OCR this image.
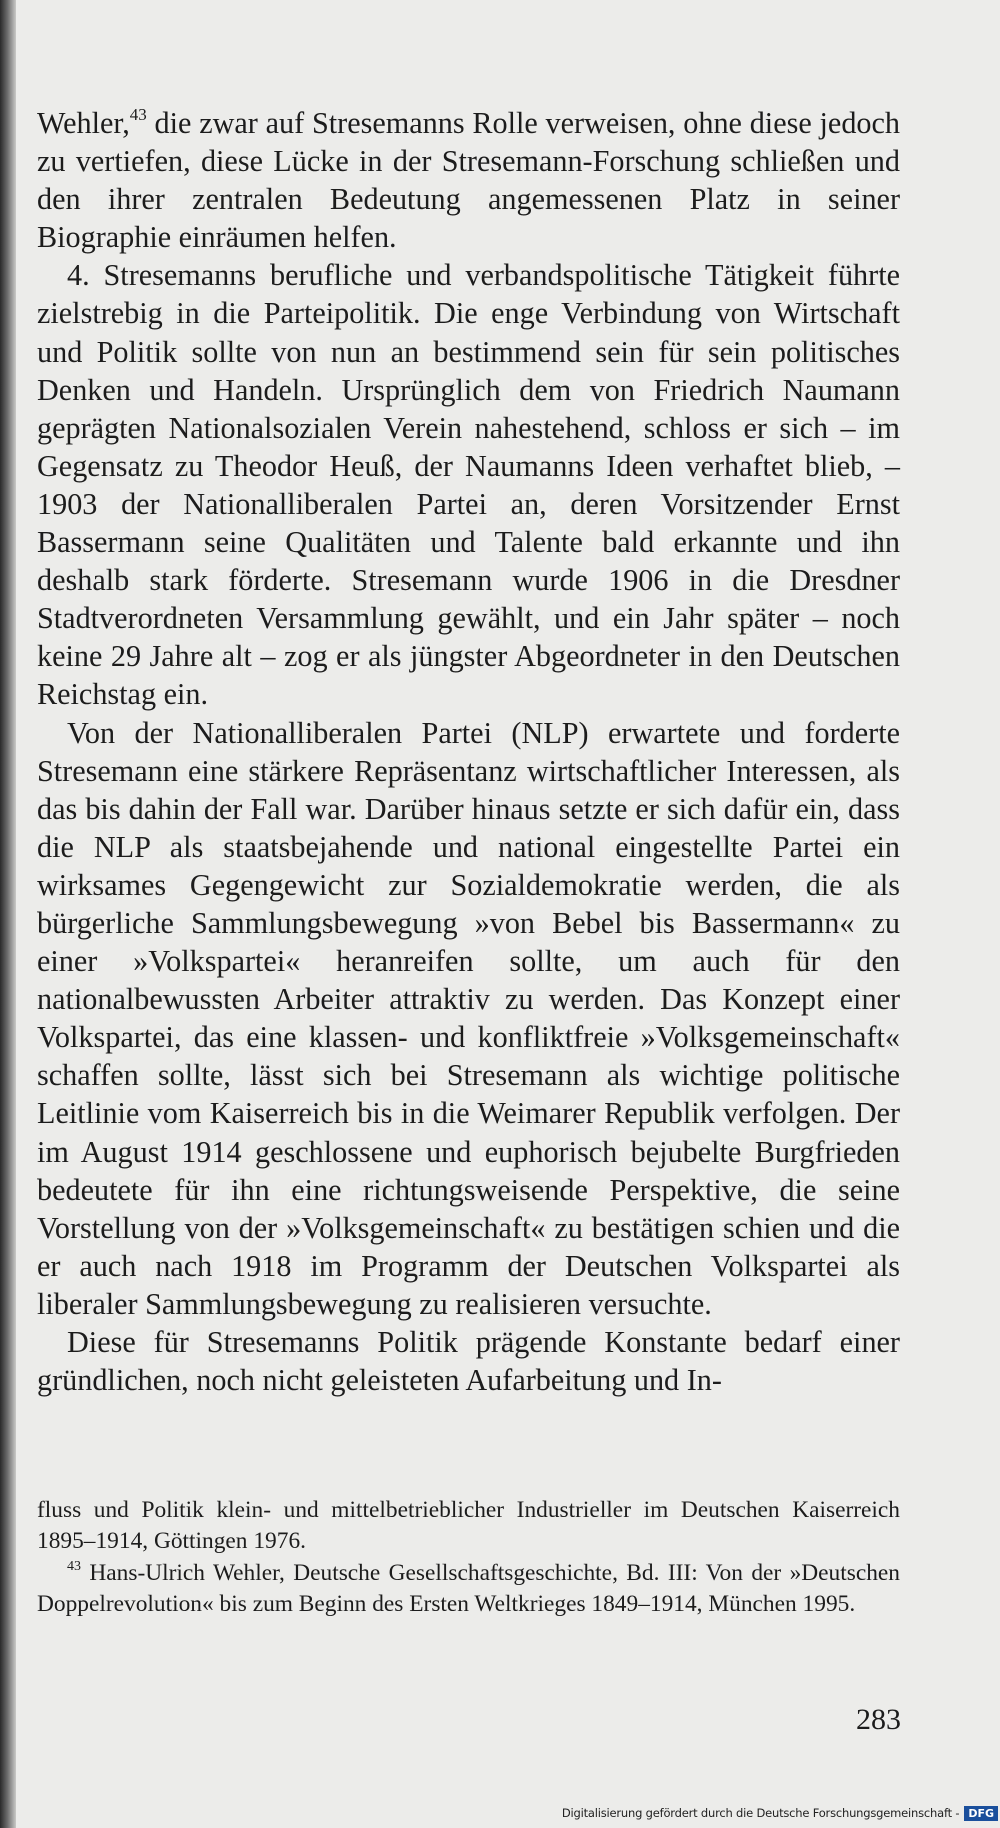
Wehler,$^{43}$ die zwar auf Stresemanns Rolle verweisen, ohne diese jedoch zu vertiefen, diese Lücke in der Stresemann-Forschung schließen und den ihrer zentralen Bedeutung angemessenen Platz in seiner Biographie einräumen helfen.

4. Stresemanns berufliche und verbandspolitische Tätigkeit führte zielstrebig in die Parteipolitik. Die enge Verbindung von Wirtschaft und Politik sollte von nun an bestimmend sein für sein politisches Denken und Handeln. Ursprünglich dem von Friedrich Naumann geprägten Nationalsozialen Verein nahestehend, schloss er sich – im Gegensatz zu Theodor Heuß, der Naumanns Ideen verhaftet blieb, – 1903 der Nationalliberalen Partei an, deren Vorsitzender Ernst Bassermann seine Qualitäten und Talente bald erkannte und ihn deshalb stark förderte. Stresemann wurde 1906 in die Dresdner Stadtverordneten Versammlung gewählt, und ein Jahr später – noch keine 29 Jahre alt – zog er als jüngster Abgeordneter in den Deutschen Reichstag ein.

Von der Nationalliberalen Partei (NLP) erwartete und forderte Stresemann eine stärkere Repräsentanz wirtschaftlicher Interessen, als das bis dahin der Fall war. Darüber hinaus setzte er sich dafür ein, dass die NLP als staatsbejahende und national eingestellte Partei ein wirksames Gegengewicht zur Sozialdemokratie werden, die als bürgerliche Sammlungsbewegung »von Bebel bis Bassermann« zu einer »Volkspartei« heranreifen sollte, um auch für den nationalbewussten Arbeiter attraktiv zu werden. Das Konzept einer Volkspartei, das eine klassen- und konfliktfreie »Volksgemeinschaft« schaffen sollte, lässt sich bei Stresemann als wichtige politische Leitlinie vom Kaiserreich bis in die Weimarer Republik verfolgen. Der im August 1914 geschlossene und euphorisch bejubelte Burgfrieden bedeutete für ihn eine richtungsweisende Perspektive, die seine Vorstellung von der »Volksgemeinschaft« zu bestätigen schien und die er auch nach 1918 im Programm der Deutschen Volkspartei als liberaler Sammlungsbewegung zu realisieren versuchte.

Diese für Stresemanns Politik prägende Konstante bedarf einer gründlichen, noch nicht geleisteten Aufarbeitung und In-

fluss und Politik klein- und mittelbetrieblicher Industrieller im Deutschen Kaiserreich 1895–1914, Göttingen 1976.

$^{43}$ Hans-Ulrich Wehler, Deutsche Gesellschaftsgeschichte, Bd. III: Von der »Deutschen Doppelrevolution« bis zum Beginn des Ersten Weltkrieges 1849–1914, München 1995.

283
Digitalisierung gefördert durch die Deutsche Forschungsgemeinschaft - DFG
